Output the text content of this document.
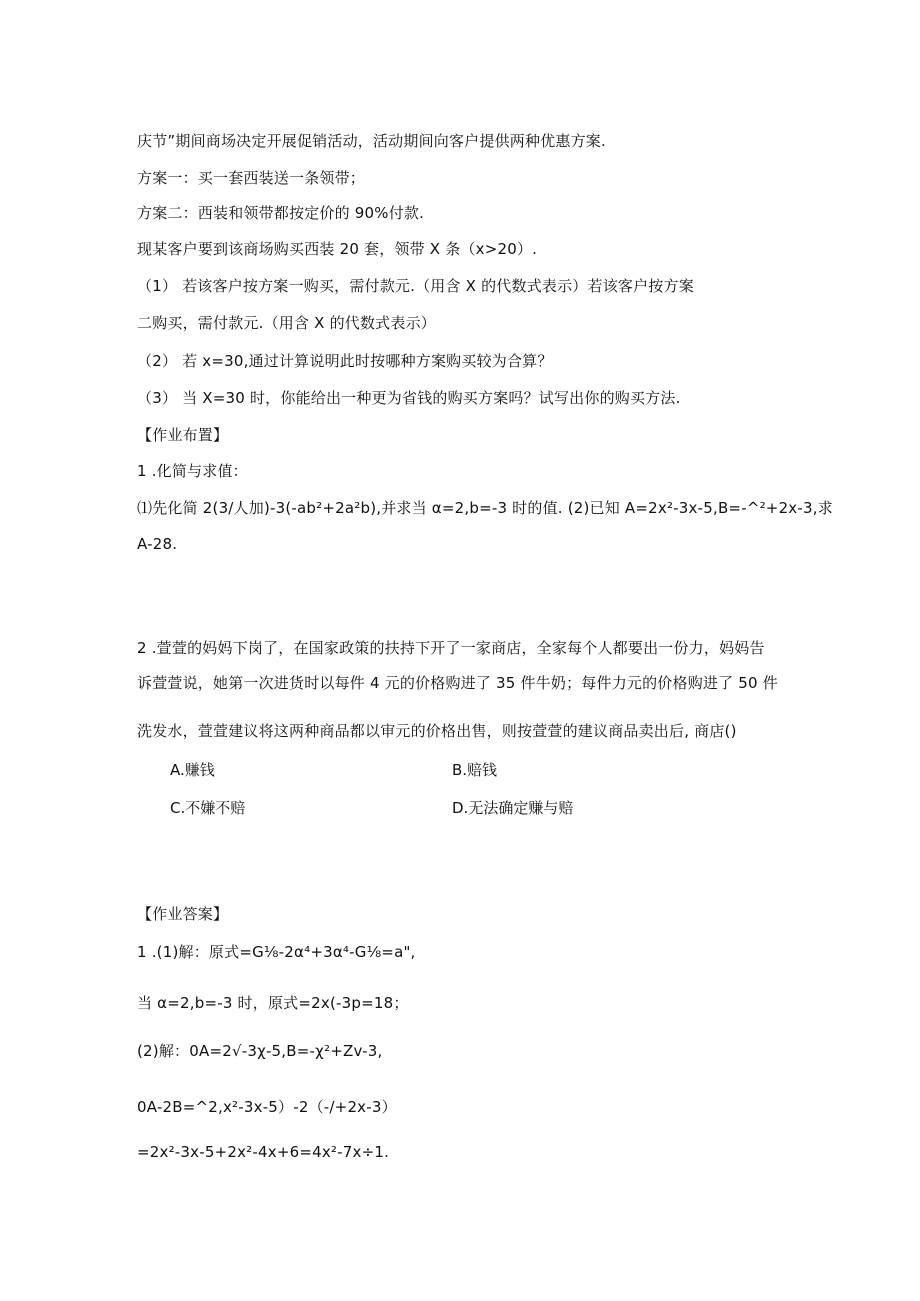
庆节”期间商场决定开展促销活动，活动期间向客户提供两种优惠方案.
方案一：买一套西装送一条领带；
方案二：西装和领带都按定价的 90%付款.
现某客户要到该商场购买西装 20 套，领带 X 条（x>20）.
（1） 若该客户按方案一购买，需付款元.（用含 X 的代数式表示）若该客户按方案
二购买，需付款元.（用含 X 的代数式表示）
（2） 若 x=30,通过计算说明此时按哪种方案购买较为合算？
（3） 当 X=30 时，你能给出一种更为省钱的购买方案吗？试写出你的购买方法.
【作业布置】
1 .化简与求值：
⑴先化简 2(3/人加)-3(-ab²+2a²b),并求当 α=2,b=-3 时的值. (2)已知 A=2x²-3x-5,B=-^²+2x-3,求
A-28.
2 .萱萱的妈妈下岗了，在国家政策的扶持下开了一家商店，全家每个人都要出一份力，妈妈告
诉萱萱说，她第一次进货时以每件 4 元的价格购进了 35 件牛奶；每件力元的价格购进了 50 件
洗发水，萱萱建议将这两种商品都以审元的价格出售，则按萱萱的建议商品卖出后, 商店()
A.赚钱	B.赔钱
C.不嫌不赔	D.无法确定赚与赔
【作业答案】
1 .(1)解：原式=G⅛-2α⁴+3α⁴-G⅛=a",
当 α=2,b=-3 时，原式=2x(-3p=18；
(2)解：0A=2√-3χ-5,B=-χ²+Zv-3,
0A-2B=^2,x²-3x-5）-2（-/+2x-3）
=2x²-3x-5+2x²-4x+6=4x²-7x÷1.
